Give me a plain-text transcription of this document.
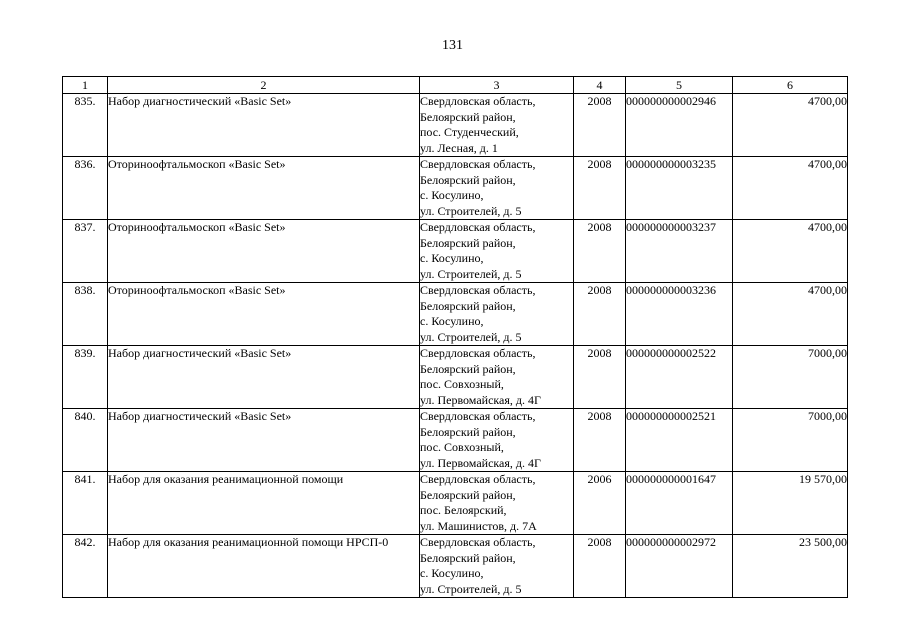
131
1	2	3	4	5	6
835.	Набор диагностический «Basic Set»	Свердловская область,
Белоярский район,
пос. Студенческий,
ул. Лесная, д. 1	2008	000000000002946	4700,00
836.	Оториноофтальмоскоп «Basic Set»	Свердловская область,
Белоярский район,
с. Косулино,
ул. Строителей, д. 5	2008	000000000003235	4700,00
837.	Оториноофтальмоскоп «Basic Set»	Свердловская область,
Белоярский район,
с. Косулино,
ул. Строителей, д. 5	2008	000000000003237	4700,00
838.	Оториноофтальмоскоп «Basic Set»	Свердловская область,
Белоярский район,
с. Косулино,
ул. Строителей, д. 5	2008	000000000003236	4700,00
839.	Набор диагностический «Basic Set»	Свердловская область,
Белоярский район,
пос. Совхозный,
ул. Первомайская, д. 4Г	2008	000000000002522	7000,00
840.	Набор диагностический «Basic Set»	Свердловская область,
Белоярский район,
пос. Совхозный,
ул. Первомайская, д. 4Г	2008	000000000002521	7000,00
841.	Набор для оказания реанимационной помощи	Свердловская область,
Белоярский район,
пос. Белоярский,
ул. Машинистов, д. 7А	2006	000000000001647	19 570,00
842.	Набор для оказания реанимационной помощи НРСП-0	Свердловская область,
Белоярский район,
с. Косулино,
ул. Строителей, д. 5	2008	000000000002972	23 500,00
